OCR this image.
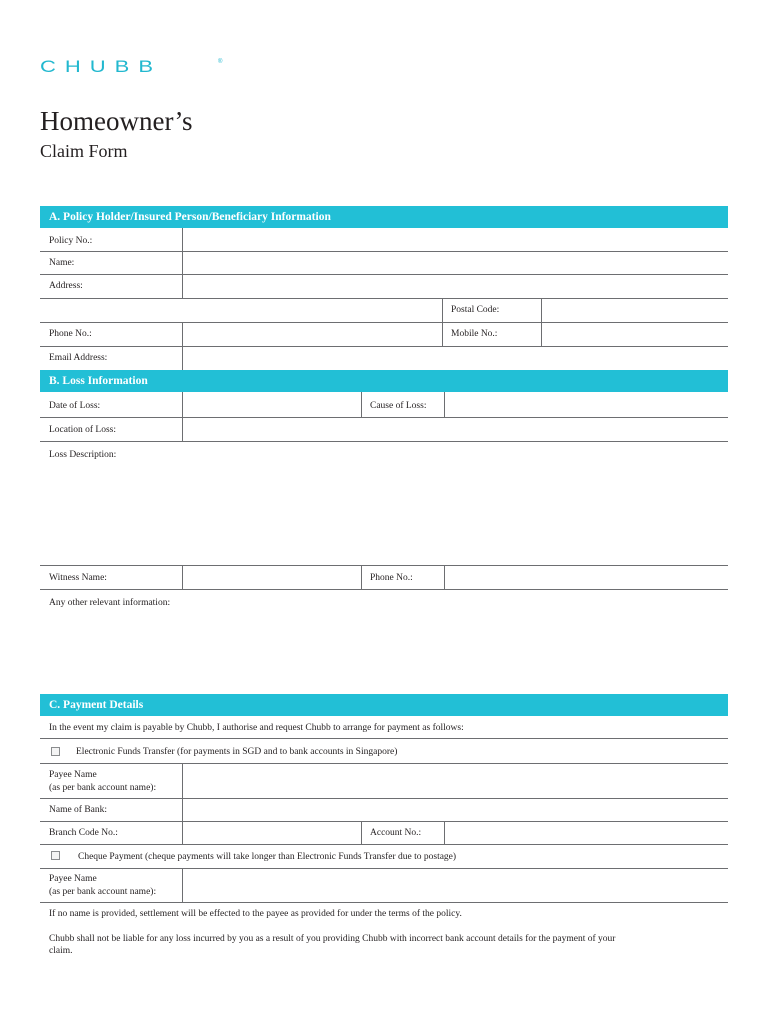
CHUBB	®
Homeowner’s
Claim Form
A. Policy Holder/Insured Person/Beneficiary Information
Policy No.:
Name:
Address:
Postal Code:
Phone No.:	Mobile No.:
Email Address:
B. Loss Information
Date of Loss:	Cause of Loss:
Location of Loss:
Loss Description:
Witness Name:	Phone No.:
Any other relevant information:
C. Payment Details
In the event my claim is payable by Chubb, I authorise and request Chubb to arrange for payment as follows:
Electronic Funds Transfer (for payments in SGD and to bank accounts in Singapore)
Payee Name
(as per bank account name):
Name of Bank:
Branch Code No.:	Account No.:
Cheque Payment (cheque payments will take longer than Electronic Funds Transfer due to postage)
Payee Name
(as per bank account name):
If no name is provided, settlement will be effected to the payee as provided for under the terms of the policy.
Chubb shall not be liable for any loss incurred by you as a result of you providing Chubb with incorrect bank account details for the payment of your
claim.
